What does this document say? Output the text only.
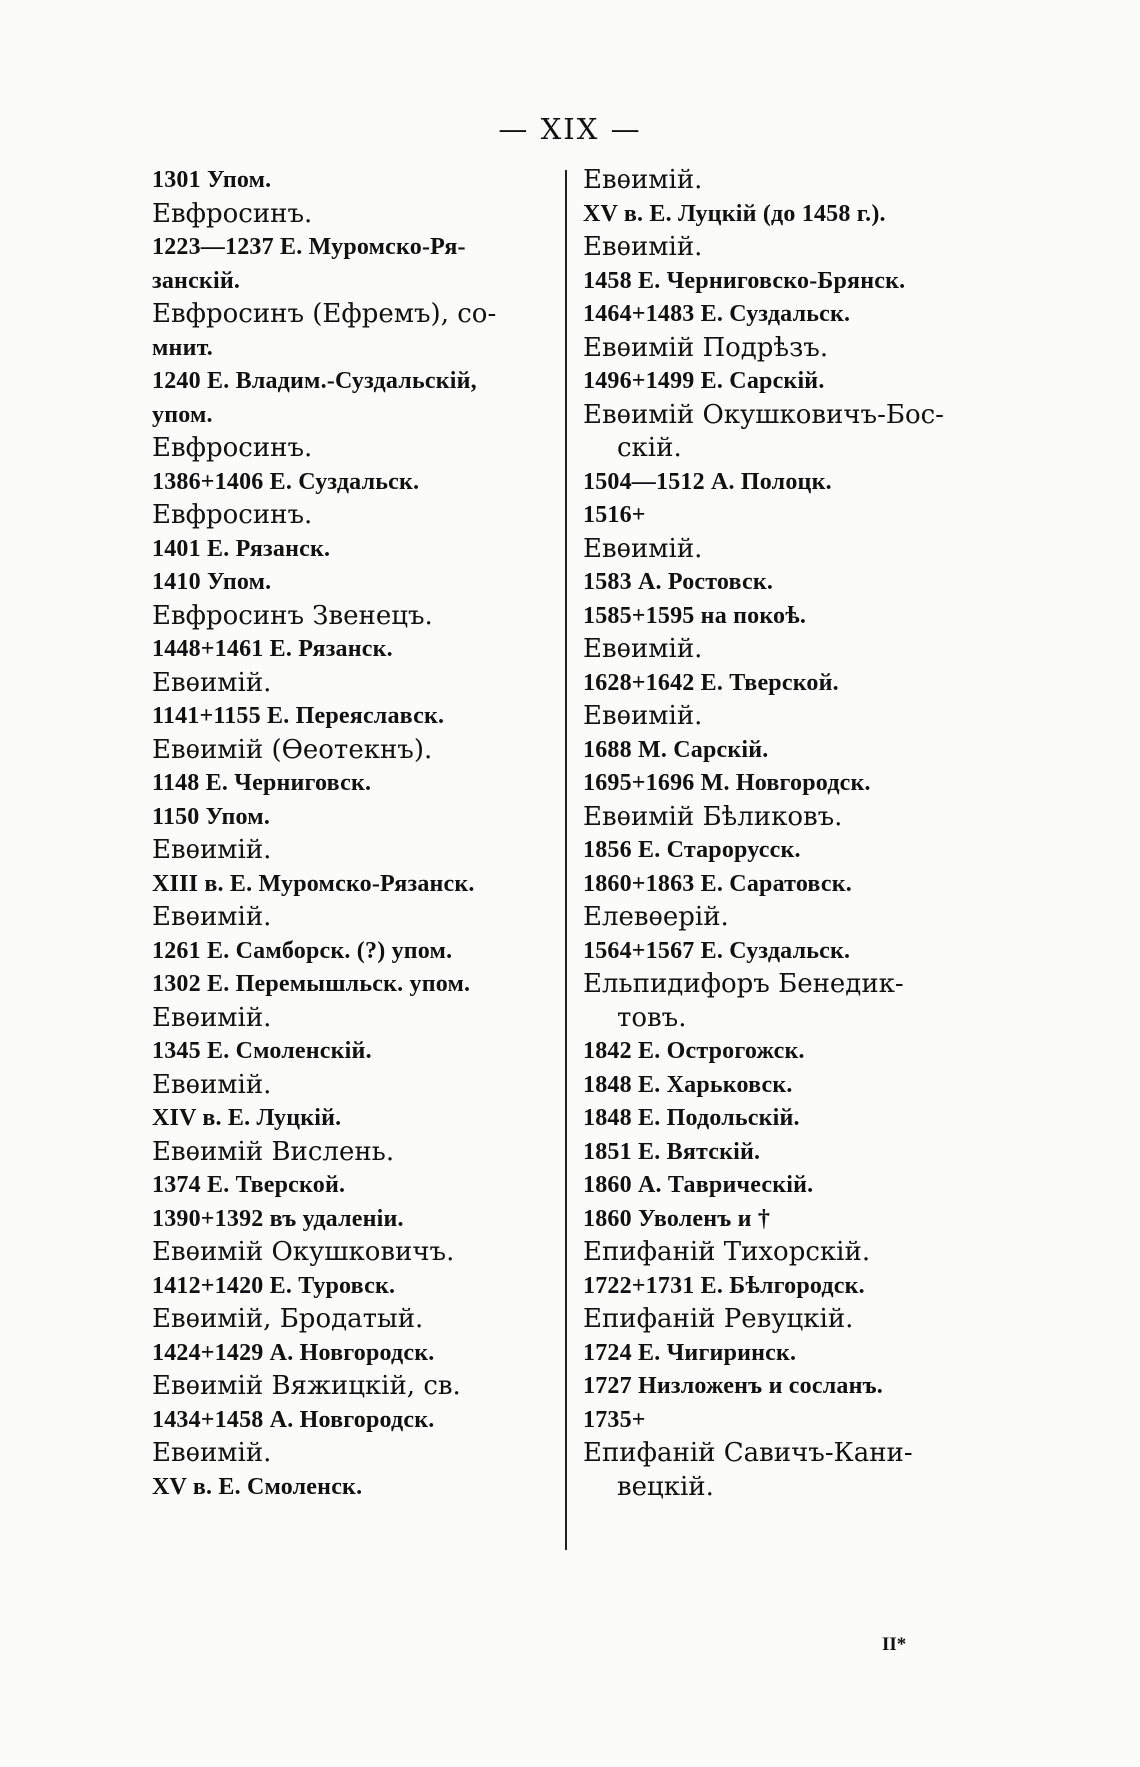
— XIX —
1301 Упом.
Евфросинъ.
1223—1237 Е. Муромско-Ря-
занскій.
Евфросинъ (Ефремъ), со-
мнит.
1240 Е. Владим.-Суздальскій,
упом.
Евфросинъ.
1386+1406 Е. Суздальск.
Евфросинъ.
1401 Е. Рязанск.
1410 Упом.
Евфросинъ Звенецъ.
1448+1461 Е. Рязанск.
Евѳимій.
1141+1155 Е. Переяславск.
Евѳимій (Ѳеотекнъ).
1148 Е. Черниговск.
1150 Упом.
Евѳимій.
XIII в. Е. Муромско-Рязанск.
Евѳимій.
1261 Е. Самборск. (?) упом.
1302 Е. Перемышльск. упом.
Евѳимій.
1345 Е. Смоленскій.
Евѳимій.
XIV в. Е. Луцкій.
Евѳимій Вислень.
1374 Е. Тверской.
1390+1392 въ удаленіи.
Евѳимій Окушковичъ.
1412+1420 Е. Туровск.
Евѳимій, Бродатый.
1424+1429 А. Новгородск.
Евѳимій Вяжицкій, св.
1434+1458 А. Новгородск.
Евѳимій.
XV в. Е. Смоленск.
Евѳимій.
XV в. Е. Луцкій (до 1458 г.).
Евѳимій.
1458 Е. Черниговско-Брянск.
1464+1483 Е. Суздальск.
Евѳимій Подрѣзъ.
1496+1499 Е. Сарскій.
Евѳимій Окушковичъ-Бос-
скій.
1504—1512 А. Полоцк.
1516+
Евѳимій.
1583 А. Ростовск.
1585+1595 на покоѣ.
Евѳимій.
1628+1642 Е. Тверской.
Евѳимій.
1688 М. Сарскій.
1695+1696 М. Новгородск.
Евѳимій Бѣликовъ.
1856 Е. Старорусск.
1860+1863 Е. Саратовск.
Елевѳерій.
1564+1567 Е. Суздальск.
Ельпидифоръ Бенедик-
товъ.
1842 Е. Острогожск.
1848 Е. Харьковск.
1848 Е. Подольскій.
1851 Е. Вятскій.
1860 А. Таврическій.
1860 Уволенъ и †
Епифаній Тихорскій.
1722+1731 Е. Бѣлгородск.
Епифаній Ревуцкій.
1724 Е. Чигиринск.
1727 Низложенъ и сосланъ.
1735+
Епифаній Савичъ-Кани-
вецкій.
II*
